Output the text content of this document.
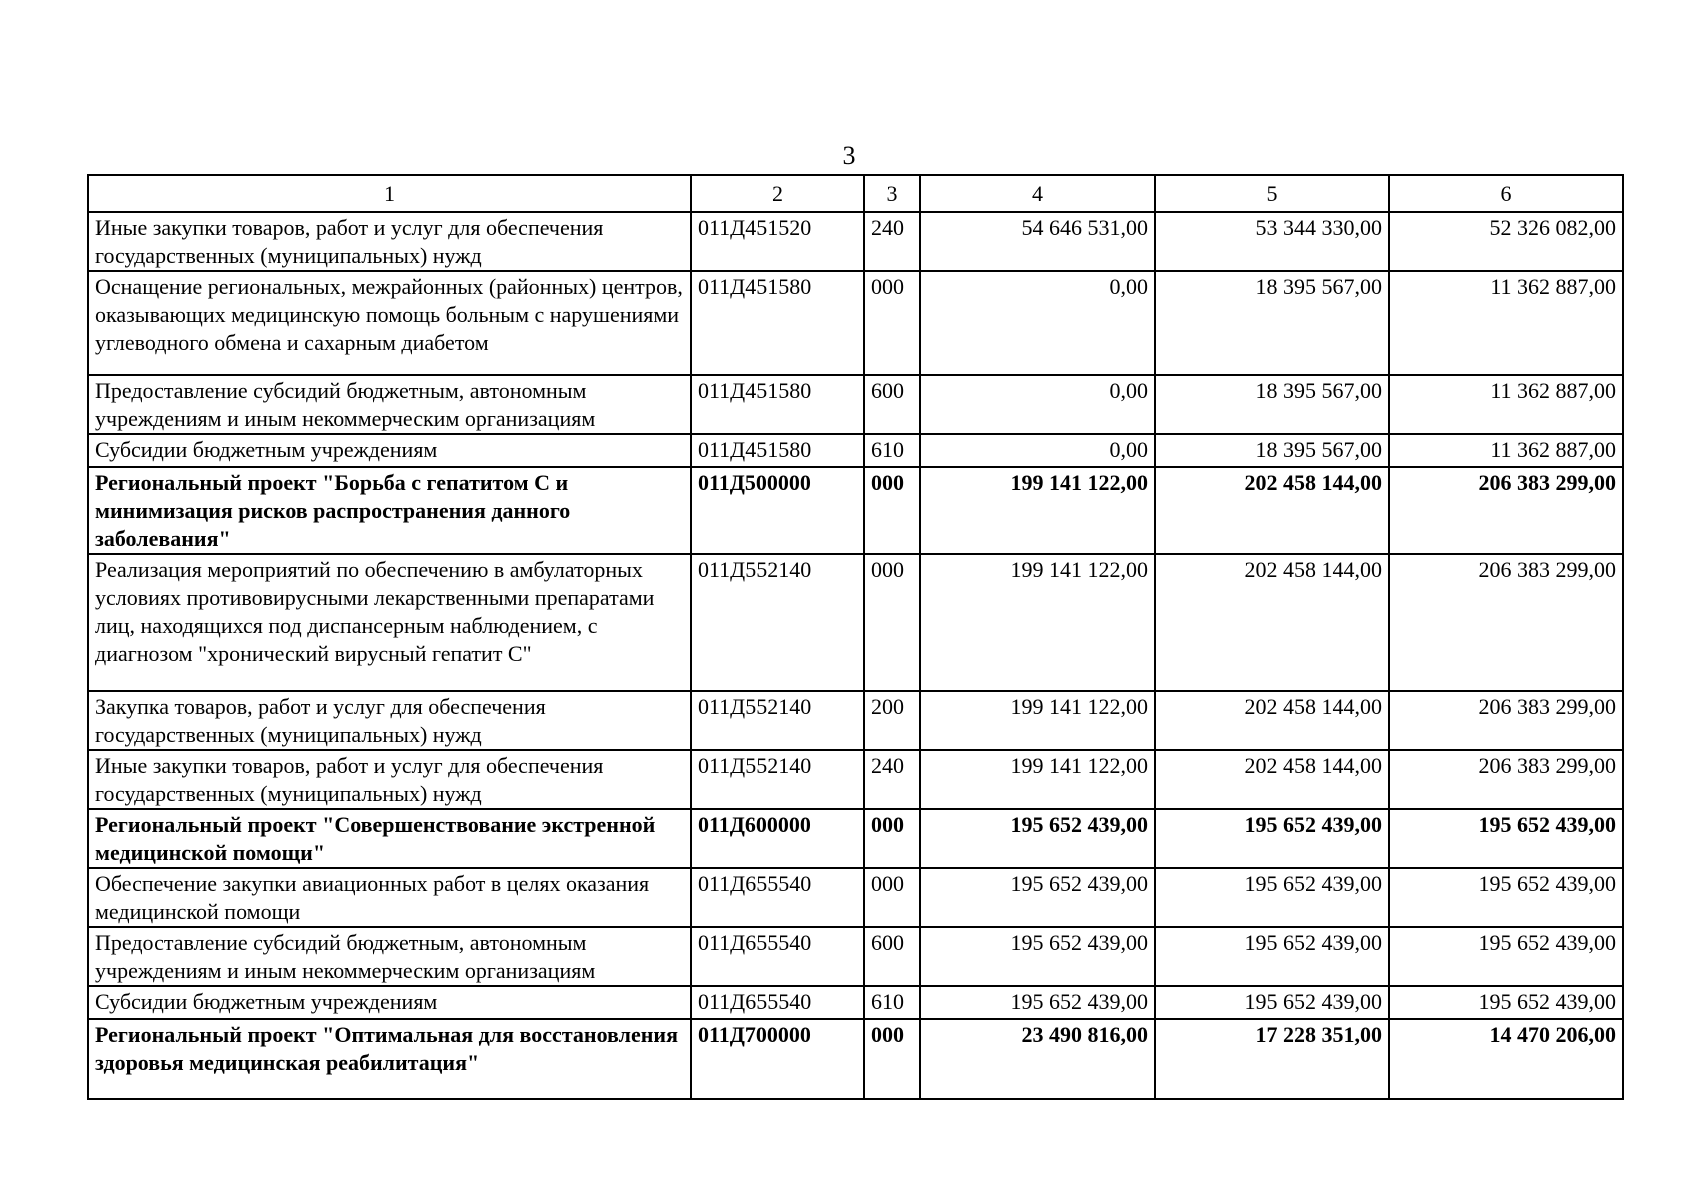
3
1	2	3	4	5	6
Иные закупки товаров, работ и услуг для обеспечения государственных (муниципальных) нужд	011Д451520	240	54 646 531,00	53 344 330,00	52 326 082,00
Оснащение региональных, межрайонных (районных) центров, оказывающих медицинскую помощь больным с нарушениями углеводного обмена и сахарным диабетом	011Д451580	000	0,00	18 395 567,00	11 362 887,00
Предоставление субсидий бюджетным, автономным учреждениям и иным некоммерческим организациям	011Д451580	600	0,00	18 395 567,00	11 362 887,00
Субсидии бюджетным учреждениям	011Д451580	610	0,00	18 395 567,00	11 362 887,00
Региональный проект "Борьба с гепатитом С и минимизация рисков распространения данного заболевания"	011Д500000	000	199 141 122,00	202 458 144,00	206 383 299,00
Реализация мероприятий по обеспечению в амбулаторных условиях противовирусными лекарственными препаратами лиц, находящихся под диспансерным наблюдением, с диагнозом "хронический вирусный гепатит С"	011Д552140	000	199 141 122,00	202 458 144,00	206 383 299,00
Закупка товаров, работ и услуг для обеспечения государственных (муниципальных) нужд	011Д552140	200	199 141 122,00	202 458 144,00	206 383 299,00
Иные закупки товаров, работ и услуг для обеспечения государственных (муниципальных) нужд	011Д552140	240	199 141 122,00	202 458 144,00	206 383 299,00
Региональный проект "Совершенствование экстренной медицинской помощи"	011Д600000	000	195 652 439,00	195 652 439,00	195 652 439,00
Обеспечение закупки авиационных работ в целях оказания медицинской помощи	011Д655540	000	195 652 439,00	195 652 439,00	195 652 439,00
Предоставление субсидий бюджетным, автономным учреждениям и иным некоммерческим организациям	011Д655540	600	195 652 439,00	195 652 439,00	195 652 439,00
Субсидии бюджетным учреждениям	011Д655540	610	195 652 439,00	195 652 439,00	195 652 439,00
Региональный проект "Оптимальная для восстановления здоровья медицинская реабилитация"	011Д700000	000	23 490 816,00	17 228 351,00	14 470 206,00
